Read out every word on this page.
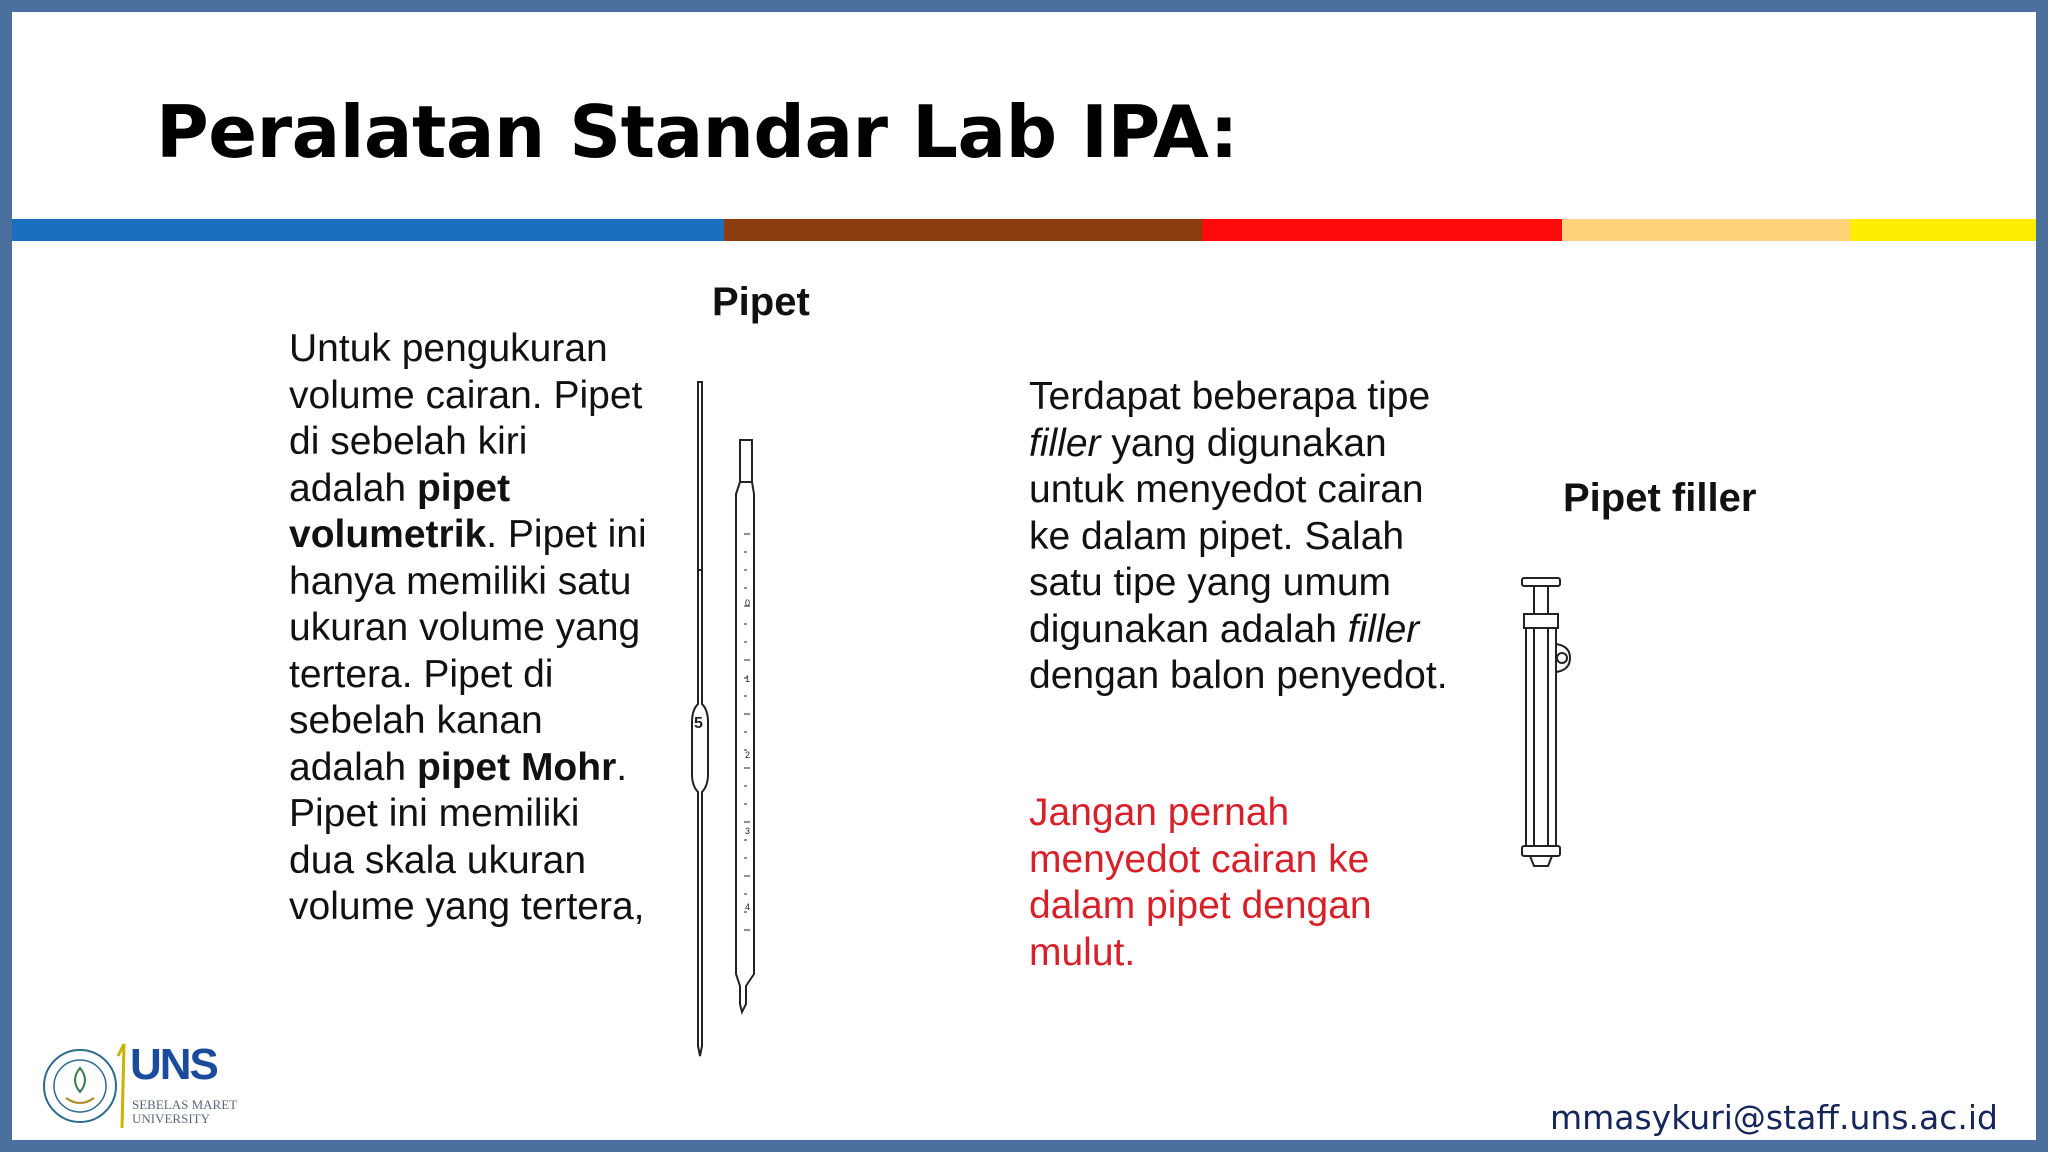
Peralatan Standar Lab IPA:
Pipet
Untuk pengukuran volume cairan. Pipet di sebelah kiri adalah pipet volumetrik. Pipet ini hanya memiliki satu ukuran volume yang tertera. Pipet di sebelah kanan adalah pipet Mohr. Pipet ini memiliki dua skala ukuran volume yang tertera,
5
0
1
2
3
4
Terdapat beberapa tipe filler yang digunakan untuk menyedot cairan ke dalam pipet. Salah satu tipe yang umum digunakan adalah filler dengan balon penyedot.
Jangan pernah menyedot cairan ke dalam pipet dengan mulut.
Pipet filler
UNS
SEBELAS MARET
UNIVERSITY	mmasykuri@staff.uns.ac.id
